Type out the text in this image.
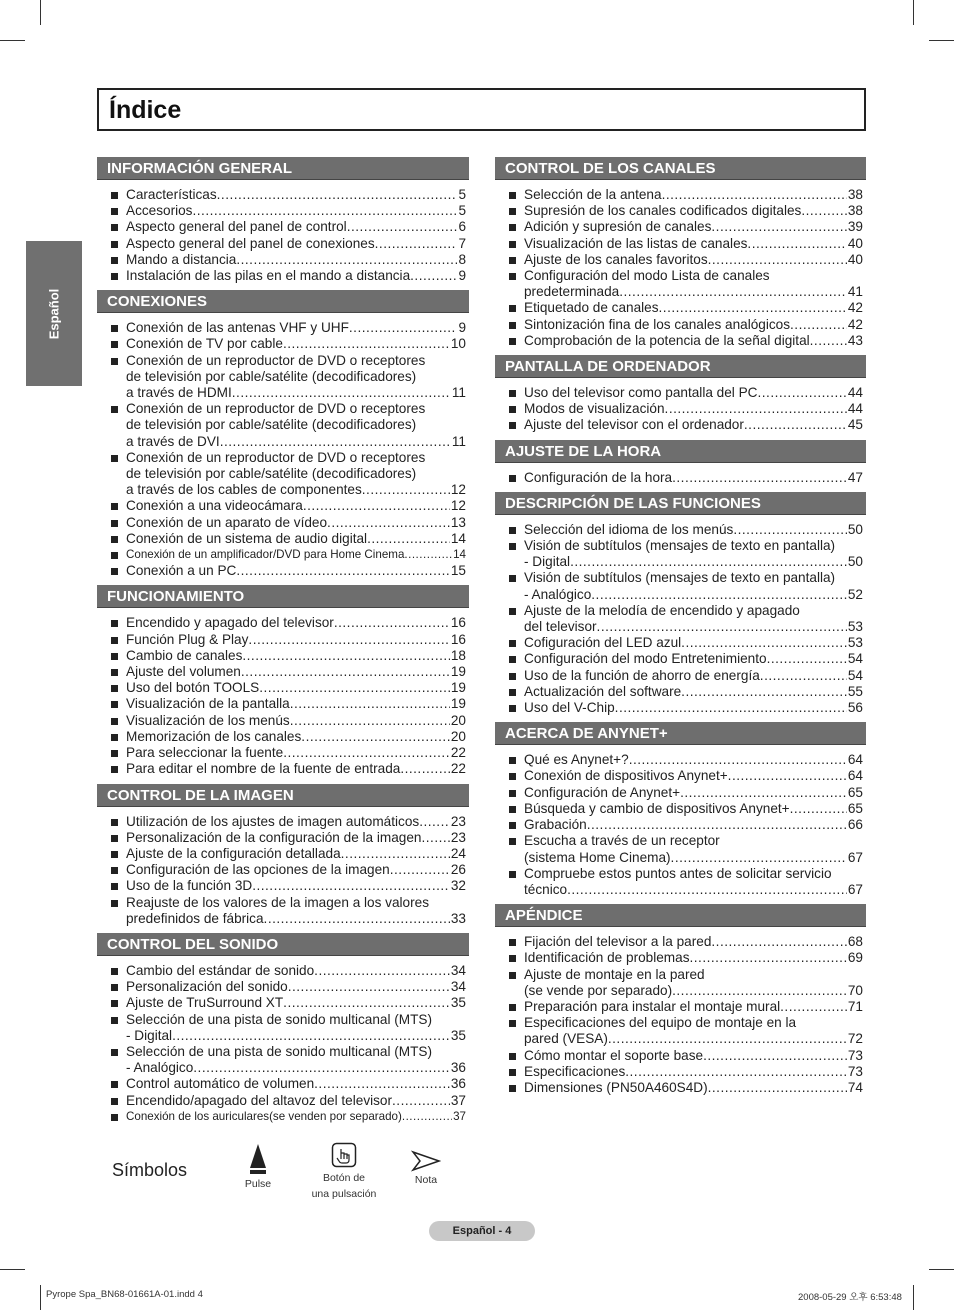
Índice
Español
INFORMACIÓN GENERAL
Características .....	5
Accesorios .....	5
Aspecto general del panel de control .....	6
Aspecto general del panel de conexiones .....	7
Mando a distancia .....	8
Instalación de las pilas en el mando a distancia .....	9
CONEXIONES
Conexión de las antenas VHF y UHF .....	9
Conexión de TV por cable .....	10
Conexión de un reproductor de DVD o receptores
de televisión por cable/satélite (decodificadores)
a través de HDMI .....	11
Conexión de un reproductor de DVD o receptores
de televisión por cable/satélite (decodificadores)
a través de DVI .....	11
Conexión de un reproductor de DVD o receptores
de televisión por cable/satélite (decodificadores)
a través de los cables de componentes .....	12
Conexión a una videocámara .....	12
Conexión de un aparato de vídeo .....	13
Conexión de un sistema de audio digital .....	14
Conexión de un amplificador/DVD para Home Cinema .....	14
Conexión a un PC .....	15
FUNCIONAMIENTO
Encendido y apagado del televisor .....	16
Función Plug & Play .....	16
Cambio de canales .....	18
Ajuste del volumen .....	19
Uso del botón TOOLS .....	19
Visualización de la pantalla .....	19
Visualización de los menús .....	20
Memorización de los canales .....	20
Para seleccionar la fuente .....	22
Para editar el nombre de la fuente de entrada .....	22
CONTROL DE LA IMAGEN
Utilización de los ajustes de imagen automáticos ..... 23
Personalización de la configuración de la imagen ..... 23
Ajuste de la configuración detallada .....	24
Configuración de las opciones de la imagen .....	26
Uso de la función 3D .....	32
Reajuste de los valores de la imagen a los valores
predefinidos de fábrica .....	33
CONTROL DEL SONIDO
Cambio del estándar de sonido .....	34
Personalización del sonido .....	34
Ajuste de TruSurround XT .....	35
Selección de una pista de sonido multicanal (MTS)
- Digital .....	35
Selección de una pista de sonido multicanal (MTS)
- Analógico .....	36
Control automático de volumen .....	36
Encendido/apagado del altavoz del televisor .....	37
Conexión de los auriculares(se venden por separado) .....	37
CONTROL DE LOS CANALES
Selección de la antena .....	38
Supresión de los canales codificados digitales .....	38
Adición y supresión de canales .....	39
Visualización de las listas de canales .....	40
Ajuste de los canales favoritos .....	40
Configuración del modo Lista de canales
predeterminada .....	41
Etiquetado de canales .....	42
Sintonización fina de los canales analógicos .....	42
Comprobación de la potencia de la señal digital .....	43
PANTALLA DE ORDENADOR
Uso del televisor como pantalla del PC .....	44
Modos de visualización .....	44
Ajuste del televisor con el ordenador .....	45
AJUSTE DE LA HORA
Configuración de la hora .....	47
DESCRIPCIÓN DE LAS FUNCIONES
Selección del idioma de los menús .....	50
Visión de subtítulos (mensajes de texto en pantalla)
- Digital .....	50
Visión de subtítulos (mensajes de texto en pantalla)
- Analógico .....	52
Ajuste de la melodía de encendido y apagado
del televisor .....	53
Cofiguración del LED azul .....	53
Configuración del modo Entretenimiento .....	54
Uso de la función de ahorro de energía .....	54
Actualización del software .....	55
Uso del V-Chip .....	56
ACERCA DE ANYNET+
Qué es Anynet+? .....	64
Conexión de dispositivos Anynet+ .....	64
Configuración de Anynet+ .....	65
Búsqueda y cambio de dispositivos Anynet+ .....	65
Grabación .....	66
Escucha a través de un receptor
(sistema Home Cinema) .....	67
Compruebe estos puntos antes de solicitar servicio
técnico .....	67
APÉNDICE
Fijación del televisor a la pared .....	68
Identificación de problemas .....	69
Ajuste de montaje en la pared
(se vende por separado) .....	70
Preparación para instalar el montaje mural .....	71
Especificaciones del equipo de montaje en la
pared (VESA) .....	72
Cómo montar el soporte base .....	73
Especificaciones .....	73
Dimensiones (PN50A460S4D) .....	74
Símbolos
Pulse	Botón de
una pulsación
Nota
Español - 4
Pyrope Spa_BN68-01661A-01.indd 4	2008-05-29 오후 6:53:48
